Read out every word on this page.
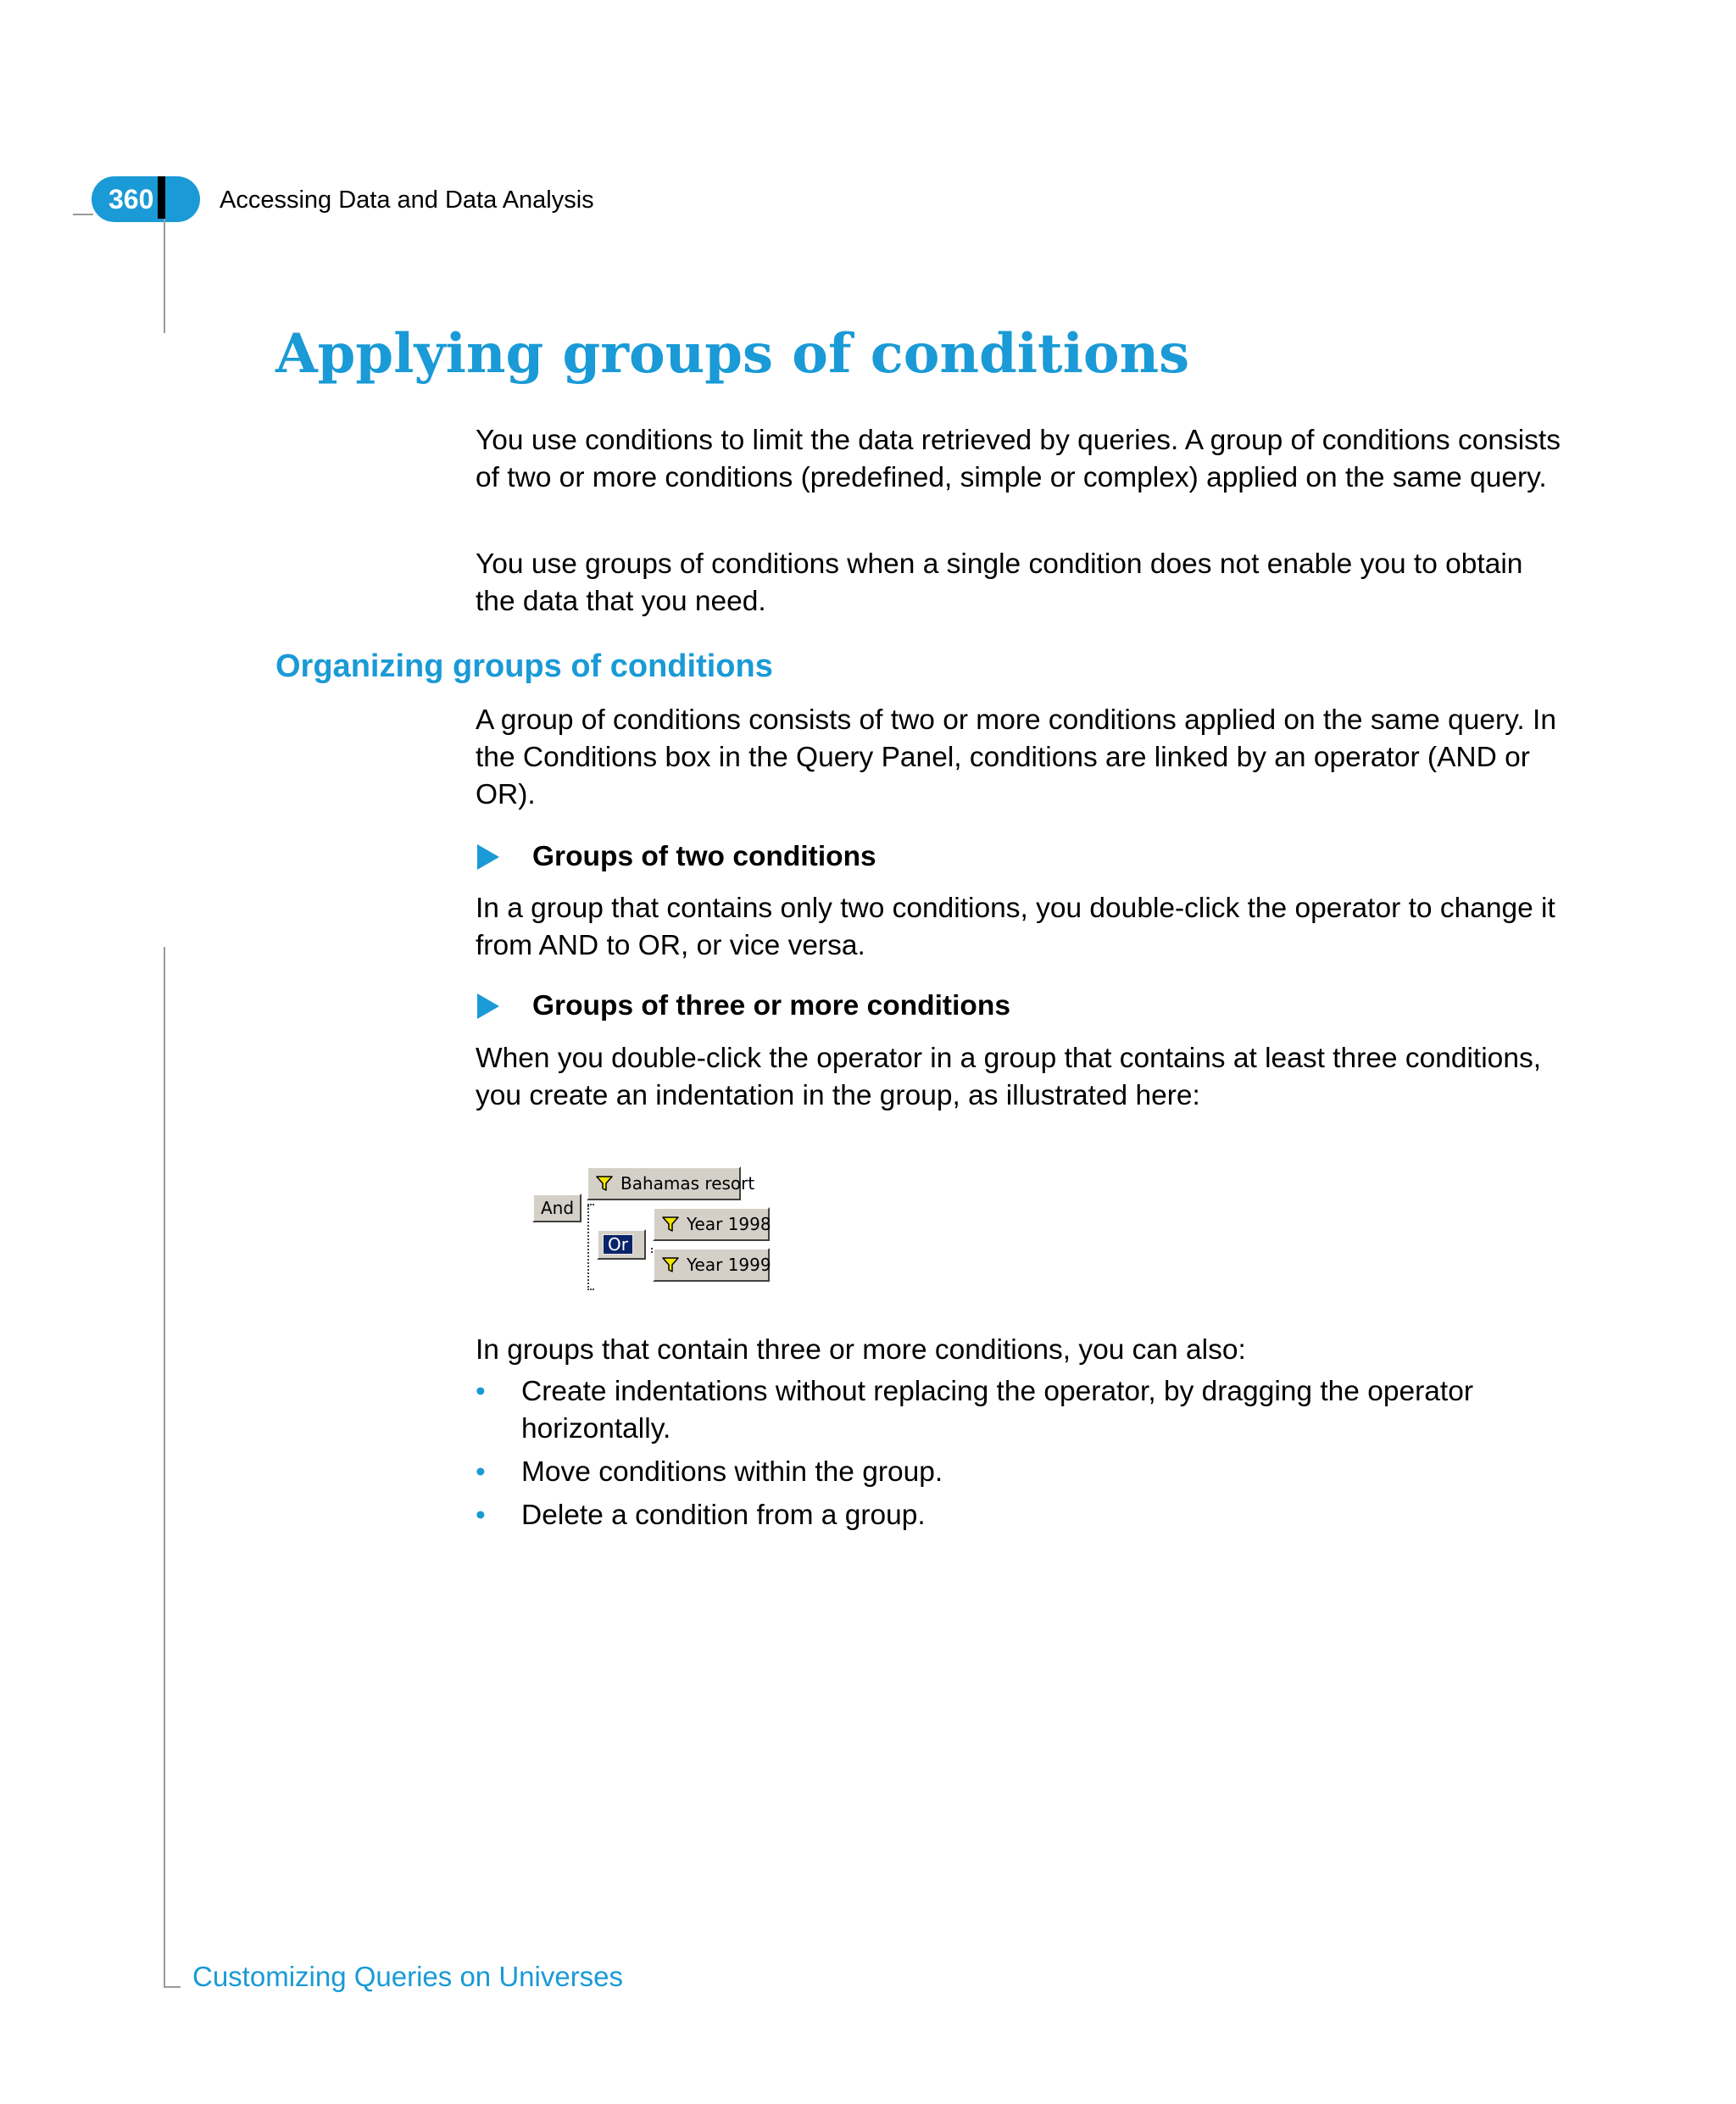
360	Accessing Data and Data Analysis
Applying groups of conditions

You use conditions to limit the data retrieved by queries. A group of conditions consists of two or more conditions (predefined, simple or complex) applied on the same query.

You use groups of conditions when a single condition does not enable you to obtain the data that you need.

Organizing groups of conditions

A group of conditions consists of two or more conditions applied on the same query. In the Conditions box in the Query Panel, conditions are linked by an operator (AND or OR).

Groups of two conditions

In a group that contains only two conditions, you double-click the operator to change it from AND to OR, or vice versa.

Groups of three or more conditions

When you double-click the operator in a group that contains at least three conditions, you create an indentation in the group, as illustrated here:

And
Bahamas resort
Or
Year 1998
Year 1999

In groups that contain three or more conditions, you can also:

• Create indentations without replacing the operator, by dragging the operator horizontally.
• Move conditions within the group.
• Delete a condition from a group.
Customizing Queries on Universes
